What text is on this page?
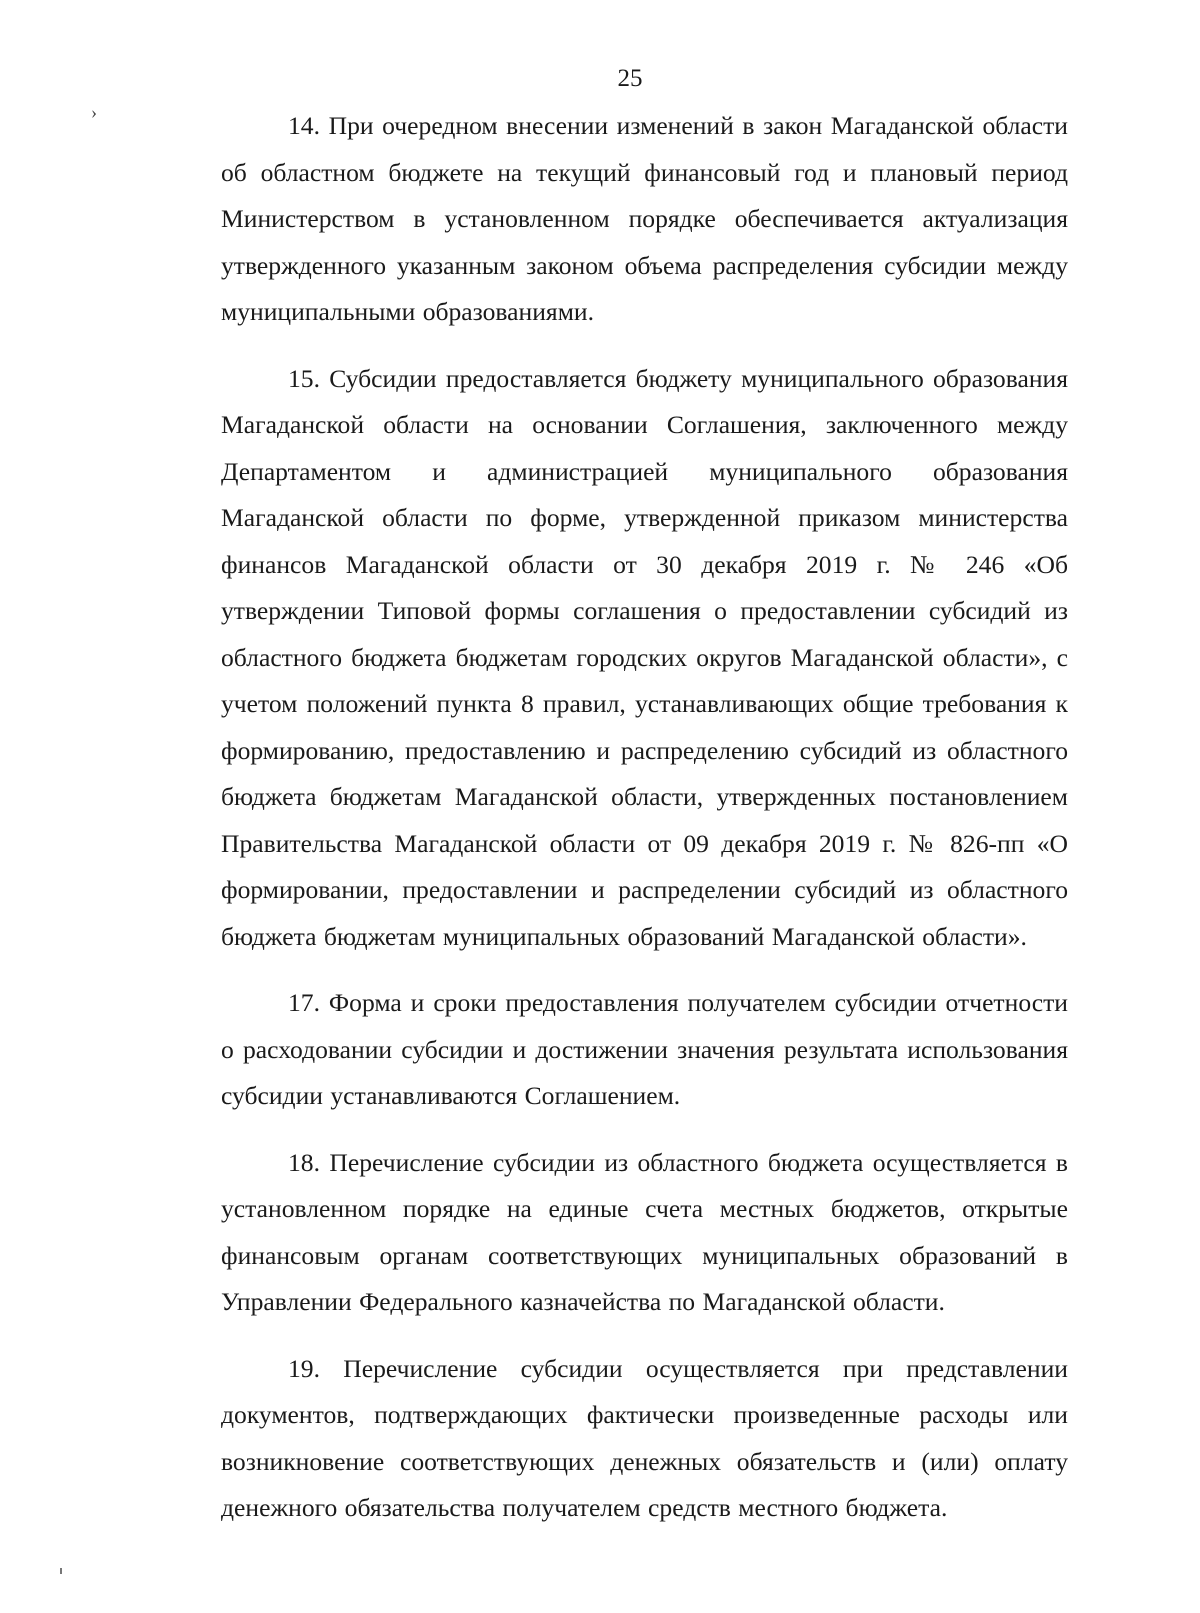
25
›	14. При очередном внесении изменений в закон Магаданской области об областном бюджете на текущий финансовый год и плановый период Министерством в установленном порядке обеспечивается актуализация утвержденного указанным законом объема распределения субсидии между муниципальными образованиями.

15. Субсидии предоставляется бюджету муниципального образования Магаданской области на основании Соглашения, заключенного между Департаментом и администрацией муниципального образования Магаданской области по форме, утвержденной приказом министерства финансов Магаданской области от 30 декабря 2019 г. № 246 «Об утверждении Типовой формы соглашения о предоставлении субсидий из областного бюджета бюджетам городских округов Магаданской области», с учетом положений пункта 8 правил, устанавливающих общие требования к формированию, предоставлению и распределению субсидий из областного бюджета бюджетам Магаданской области, утвержденных постановлением Правительства Магаданской области от 09 декабря 2019 г. № 826-пп «О формировании, предоставлении и распределении субсидий из областного бюджета бюджетам муниципальных образований Магаданской области».

17. Форма и сроки предоставления получателем субсидии отчетности о расходовании субсидии и достижении значения результата использования субсидии устанавливаются Соглашением.

18. Перечисление субсидии из областного бюджета осуществляется в установленном порядке на единые счета местных бюджетов, открытые финансовым органам соответствующих муниципальных образований в Управлении Федерального казначейства по Магаданской области.

19. Перечисление субсидии осуществляется при представлении документов, подтверждающих фактически произведенные расходы или возникновение соответствующих денежных обязательств и (или) оплату денежного обязательства получателем средств местного бюджета.
